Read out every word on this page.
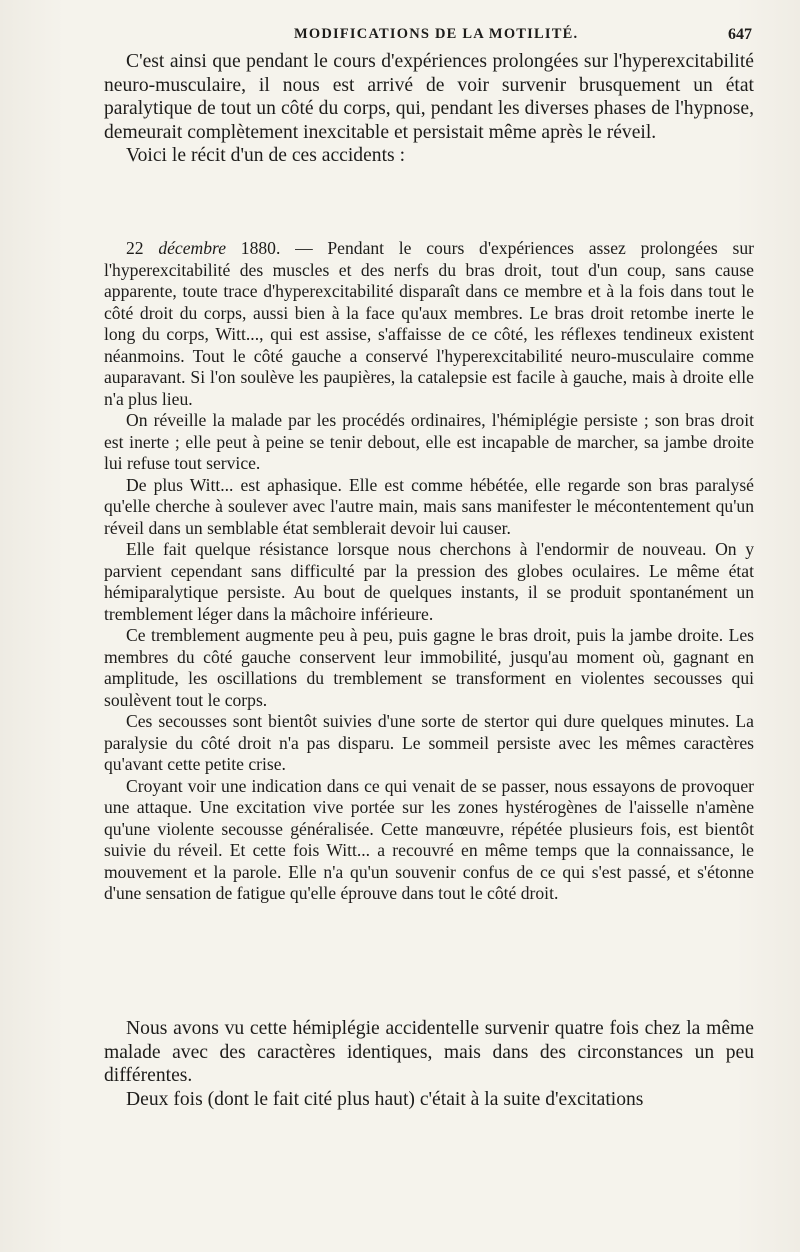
MODIFICATIONS DE LA MOTILITÉ.	647

C'est ainsi que pendant le cours d'expériences prolongées sur l'hyperexcitabilité neuro-musculaire, il nous est arrivé de voir survenir brusquement un état paralytique de tout un côté du corps, qui, pendant les diverses phases de l'hypnose, demeurait complètement inexcitable et persistait même après le réveil.

Voici le récit d'un de ces accidents :

22 décembre 1880. — Pendant le cours d'expériences assez prolongées sur l'hyperexcitabilité des muscles et des nerfs du bras droit, tout d'un coup, sans cause apparente, toute trace d'hyperexcitabilité disparaît dans ce membre et à la fois dans tout le côté droit du corps, aussi bien à la face qu'aux membres. Le bras droit retombe inerte le long du corps, Witt..., qui est assise, s'affaisse de ce côté, les réflexes tendineux existent néanmoins. Tout le côté gauche a conservé l'hyperexcitabilité neuro-musculaire comme auparavant. Si l'on soulève les paupières, la catalepsie est facile à gauche, mais à droite elle n'a plus lieu.

On réveille la malade par les procédés ordinaires, l'hémiplégie persiste ; son bras droit est inerte ; elle peut à peine se tenir debout, elle est incapable de marcher, sa jambe droite lui refuse tout service.

De plus Witt... est aphasique. Elle est comme hébétée, elle regarde son bras paralysé qu'elle cherche à soulever avec l'autre main, mais sans manifester le mécontentement qu'un réveil dans un semblable état semblerait devoir lui causer.

Elle fait quelque résistance lorsque nous cherchons à l'endormir de nouveau. On y parvient cependant sans difficulté par la pression des globes oculaires. Le même état hémiparalytique persiste. Au bout de quelques instants, il se produit spontanément un tremblement léger dans la mâchoire inférieure.

Ce tremblement augmente peu à peu, puis gagne le bras droit, puis la jambe droite. Les membres du côté gauche conservent leur immobilité, jusqu'au moment où, gagnant en amplitude, les oscillations du tremblement se transforment en violentes secousses qui soulèvent tout le corps.

Ces secousses sont bientôt suivies d'une sorte de stertor qui dure quelques minutes. La paralysie du côté droit n'a pas disparu. Le sommeil persiste avec les mêmes caractères qu'avant cette petite crise.

Croyant voir une indication dans ce qui venait de se passer, nous essayons de provoquer une attaque. Une excitation vive portée sur les zones hystérogènes de l'aisselle n'amène qu'une violente secousse généralisée. Cette manœuvre, répétée plusieurs fois, est bientôt suivie du réveil. Et cette fois Witt... a recouvré en même temps que la connaissance, le mouvement et la parole. Elle n'a qu'un souvenir confus de ce qui s'est passé, et s'étonne d'une sensation de fatigue qu'elle éprouve dans tout le côté droit.

Nous avons vu cette hémiplégie accidentelle survenir quatre fois chez la même malade avec des caractères identiques, mais dans des circonstances un peu différentes.

Deux fois (dont le fait cité plus haut) c'était à la suite d'excitations
